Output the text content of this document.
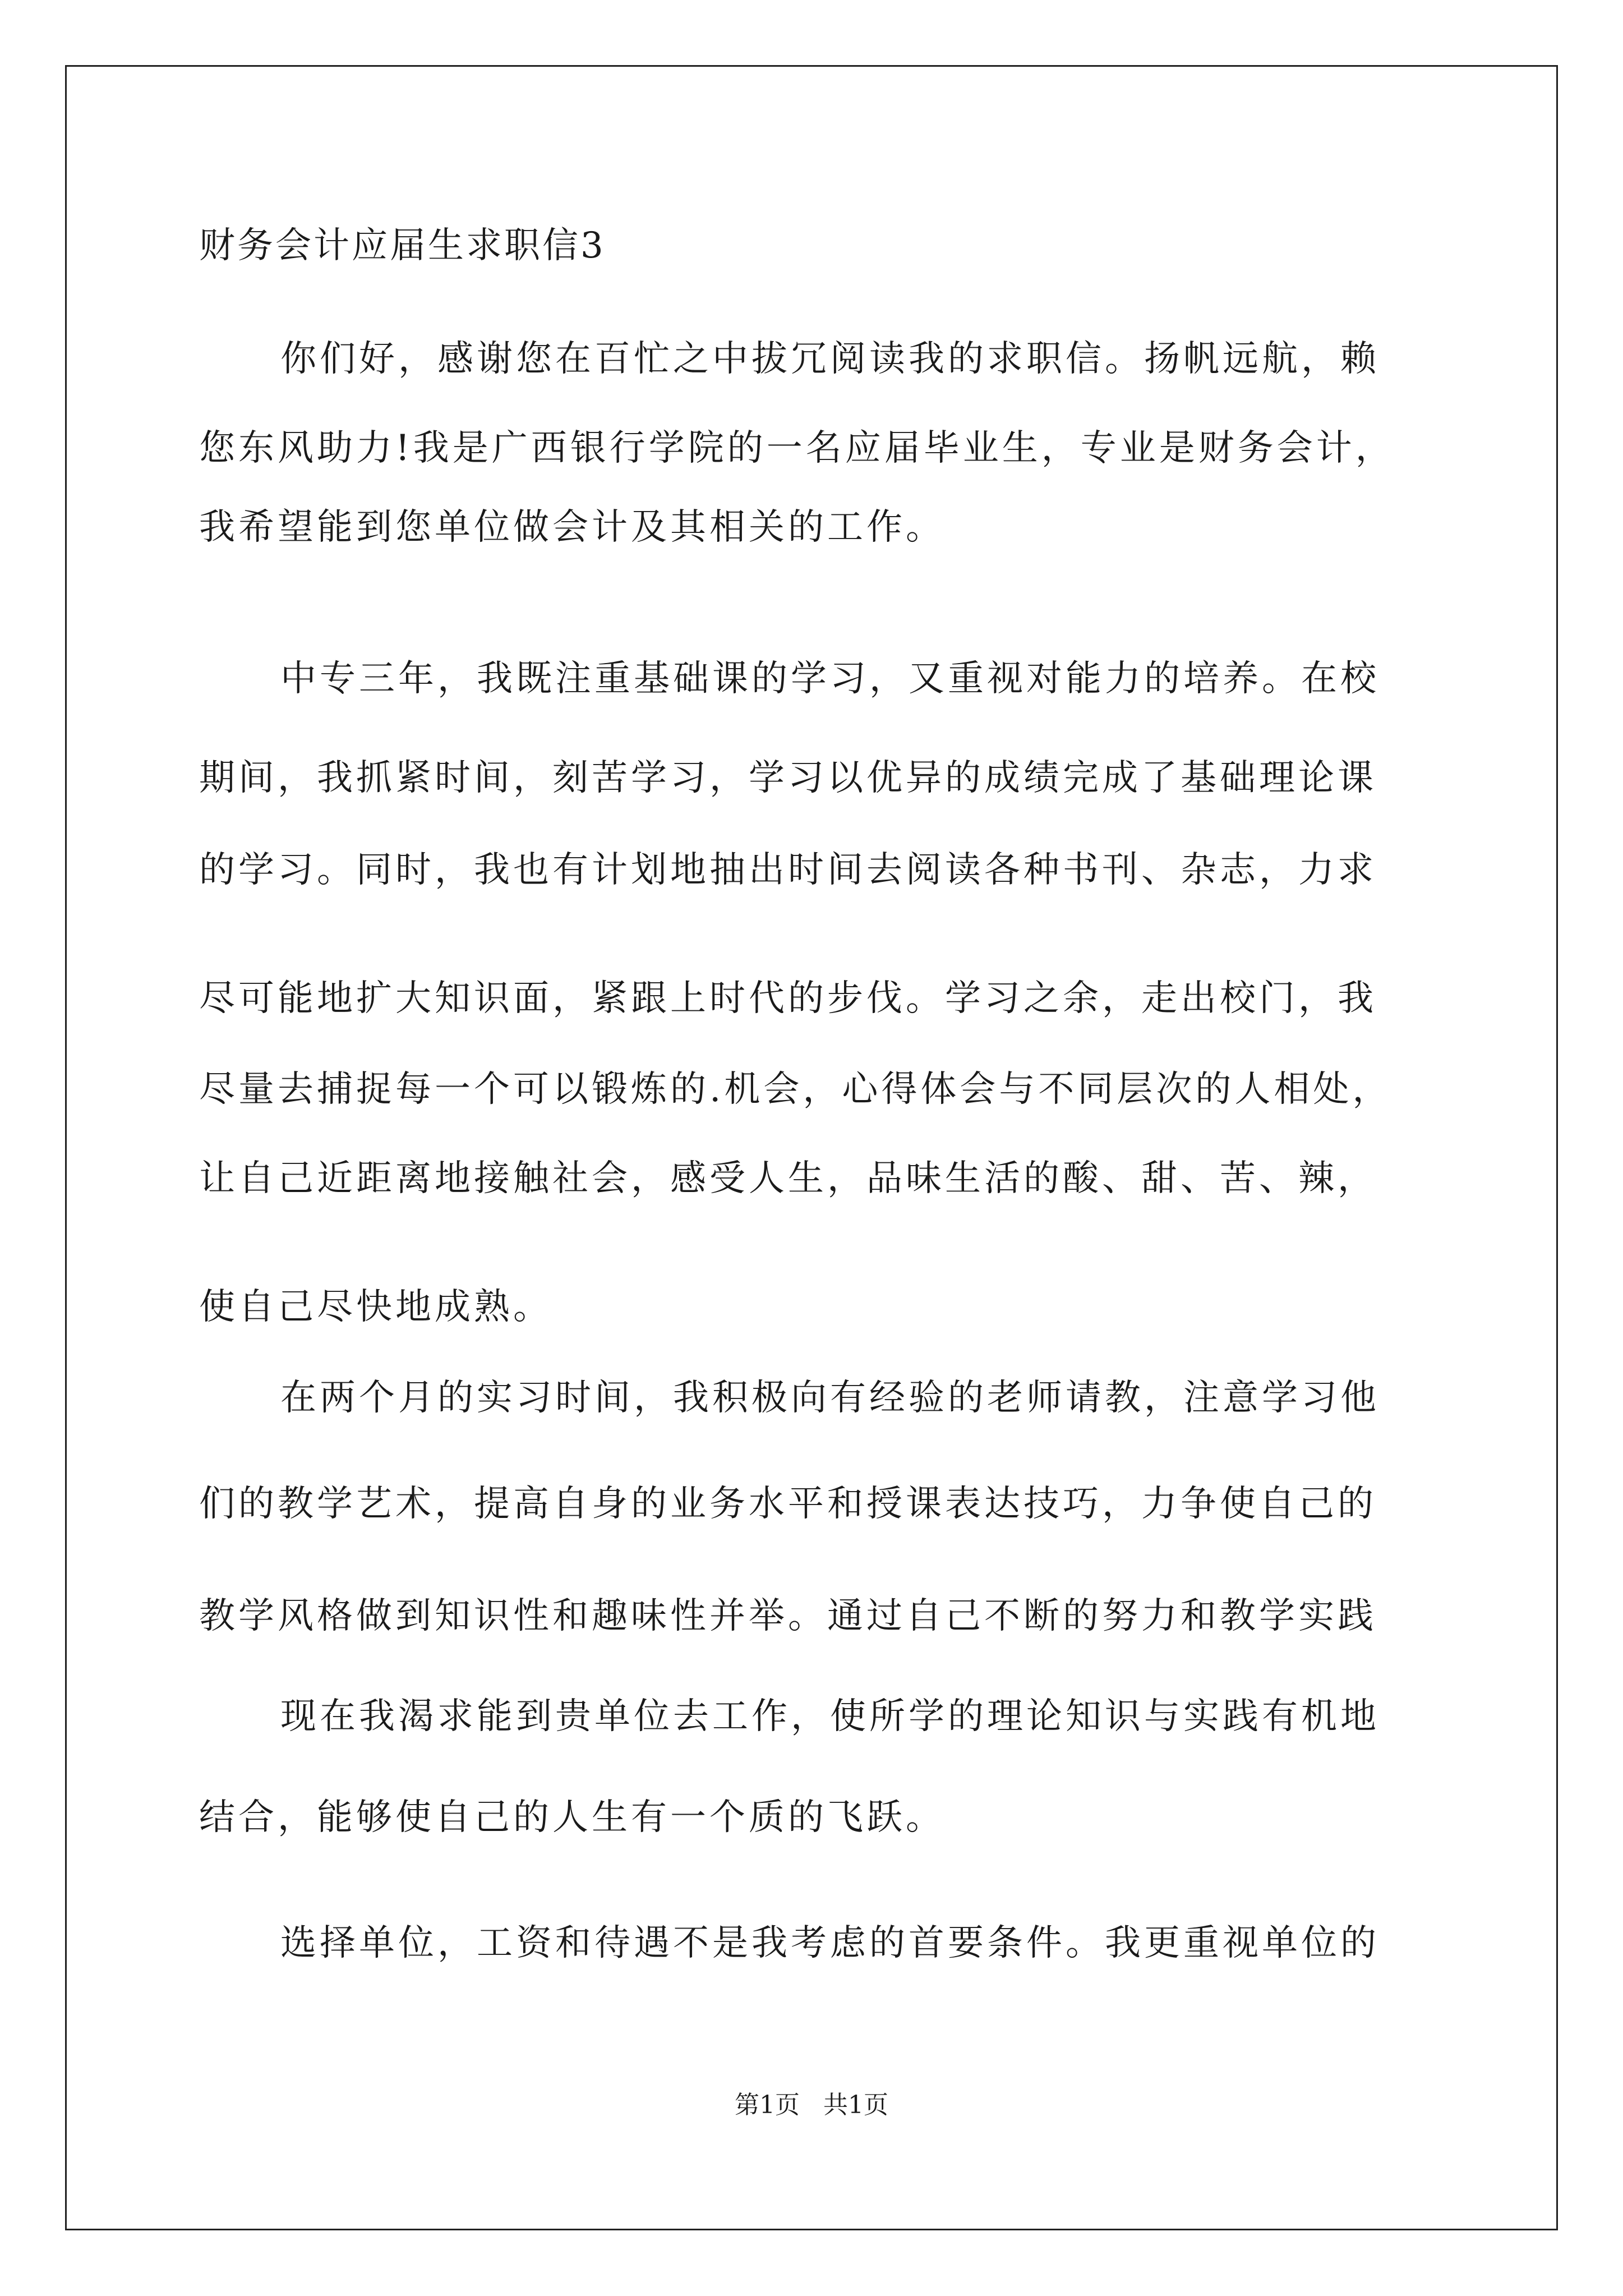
财务会计应届生求职信3
你们好，感谢您在百忙之中拔冗阅读我的求职信。扬帆远航，赖
您东风助力!我是广西银行学院的一名应届毕业生，专业是财务会计，
我希望能到您单位做会计及其相关的工作。
中专三年，我既注重基础课的学习，又重视对能力的培养。在校
期间，我抓紧时间，刻苦学习，学习以优异的成绩完成了基础理论课
的学习。同时，我也有计划地抽出时间去阅读各种书刊、杂志，力求
尽可能地扩大知识面，紧跟上时代的步伐。学习之余，走出校门，我
尽量去捕捉每一个可以锻炼的.机会，心得体会与不同层次的人相处，
让自己近距离地接触社会，感受人生，品味生活的酸、甜、苦、辣，
使自己尽快地成熟。
在两个月的实习时间，我积极向有经验的老师请教，注意学习他
们的教学艺术，提高自身的业务水平和授课表达技巧，力争使自己的
教学风格做到知识性和趣味性并举。通过自己不断的努力和教学实践
现在我渴求能到贵单位去工作，使所学的理论知识与实践有机地
结合，能够使自己的人生有一个质的飞跃。
选择单位，工资和待遇不是我考虑的首要条件。我更重视单位的
第1页   共1页
